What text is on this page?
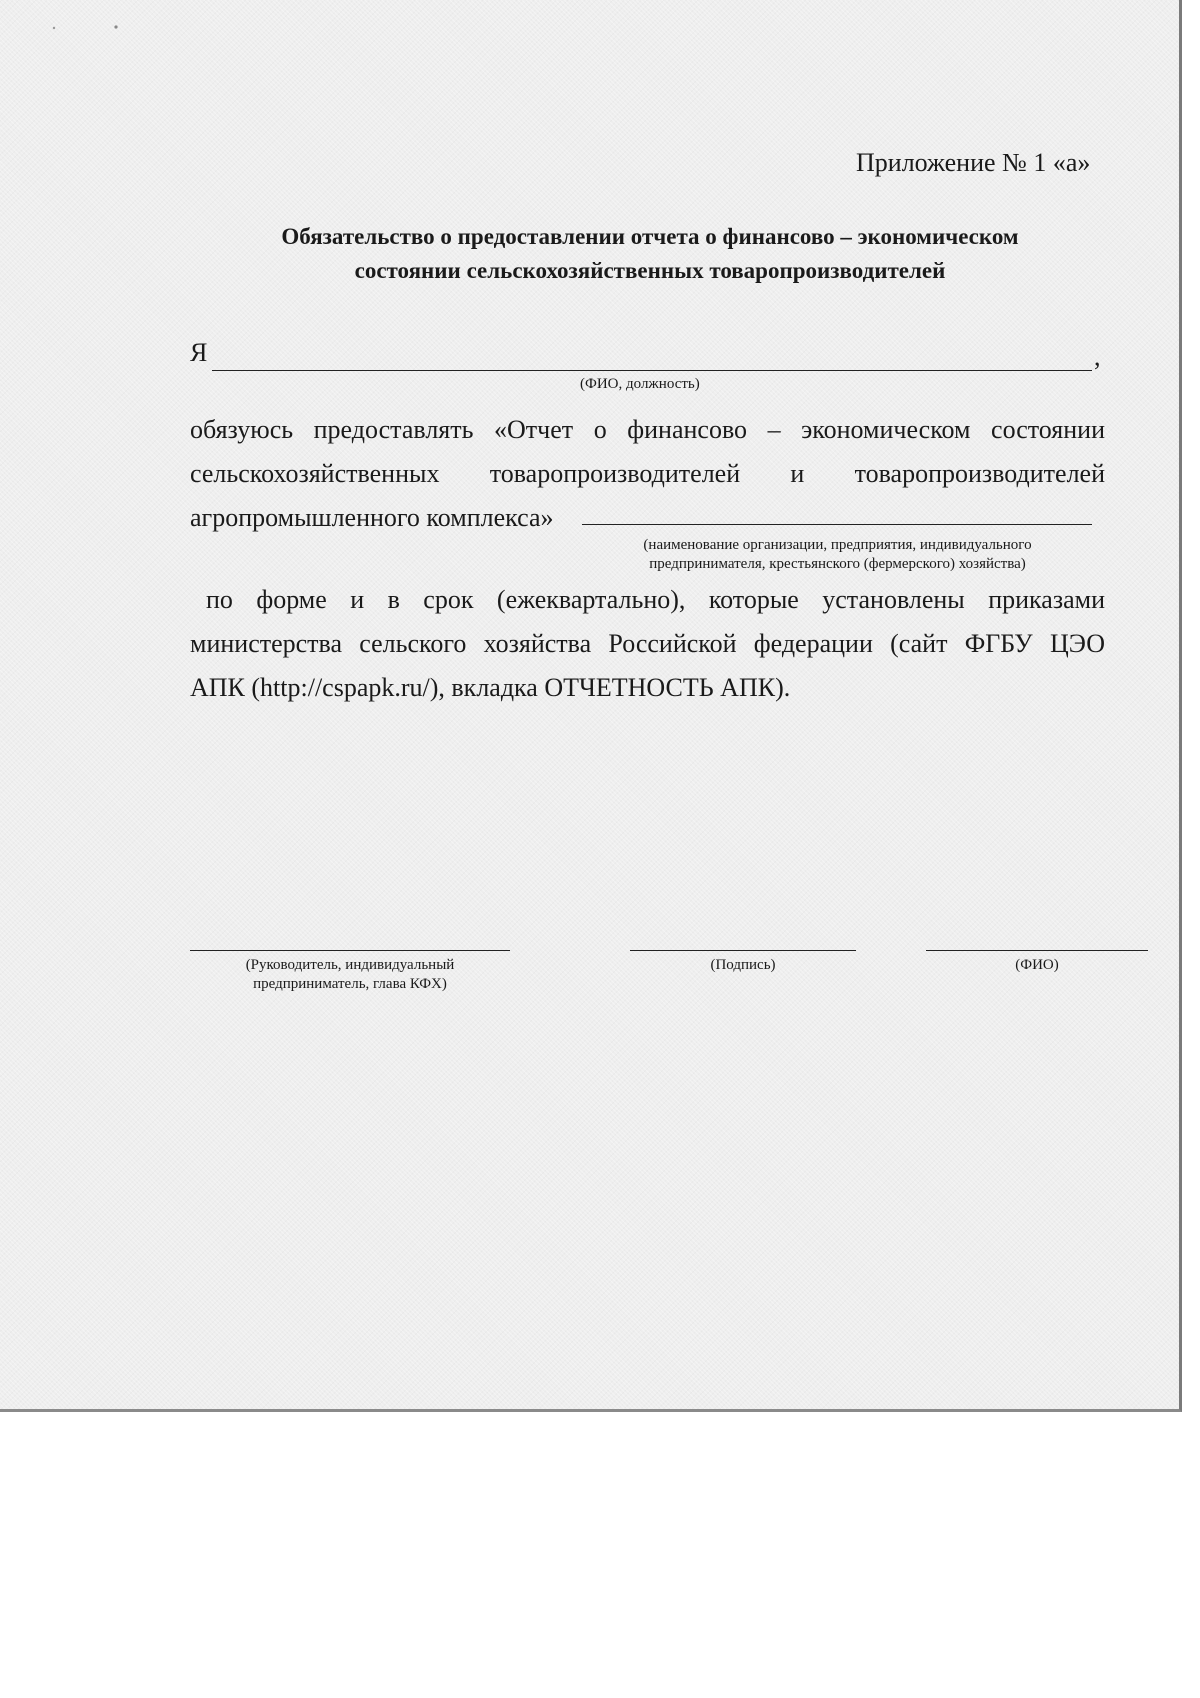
Приложение № 1 «а»
Обязательство о предоставлении отчета о финансово – экономическом
состоянии сельскохозяйственных товаропроизводителей
Я	,
(ФИО, должность)
обязуюсь предоставлять «Отчет о финансово – экономическом состоянии
сельскохозяйственных товаропроизводителей и товаропроизводителей
агропромышленного комплекса»
(наименование организации, предприятия, индивидуального
предпринимателя, крестьянского (фермерского) хозяйства)
по форме и в срок (ежеквартально), которые установлены приказами
министерства сельского хозяйства Российской федерации (сайт ФГБУ ЦЭО
АПК (http://cspapk.ru/), вкладка ОТЧЕТНОСТЬ АПК).
(Руководитель, индивидуальный
предприниматель, глава КФХ)
(Подпись)	(ФИО)
